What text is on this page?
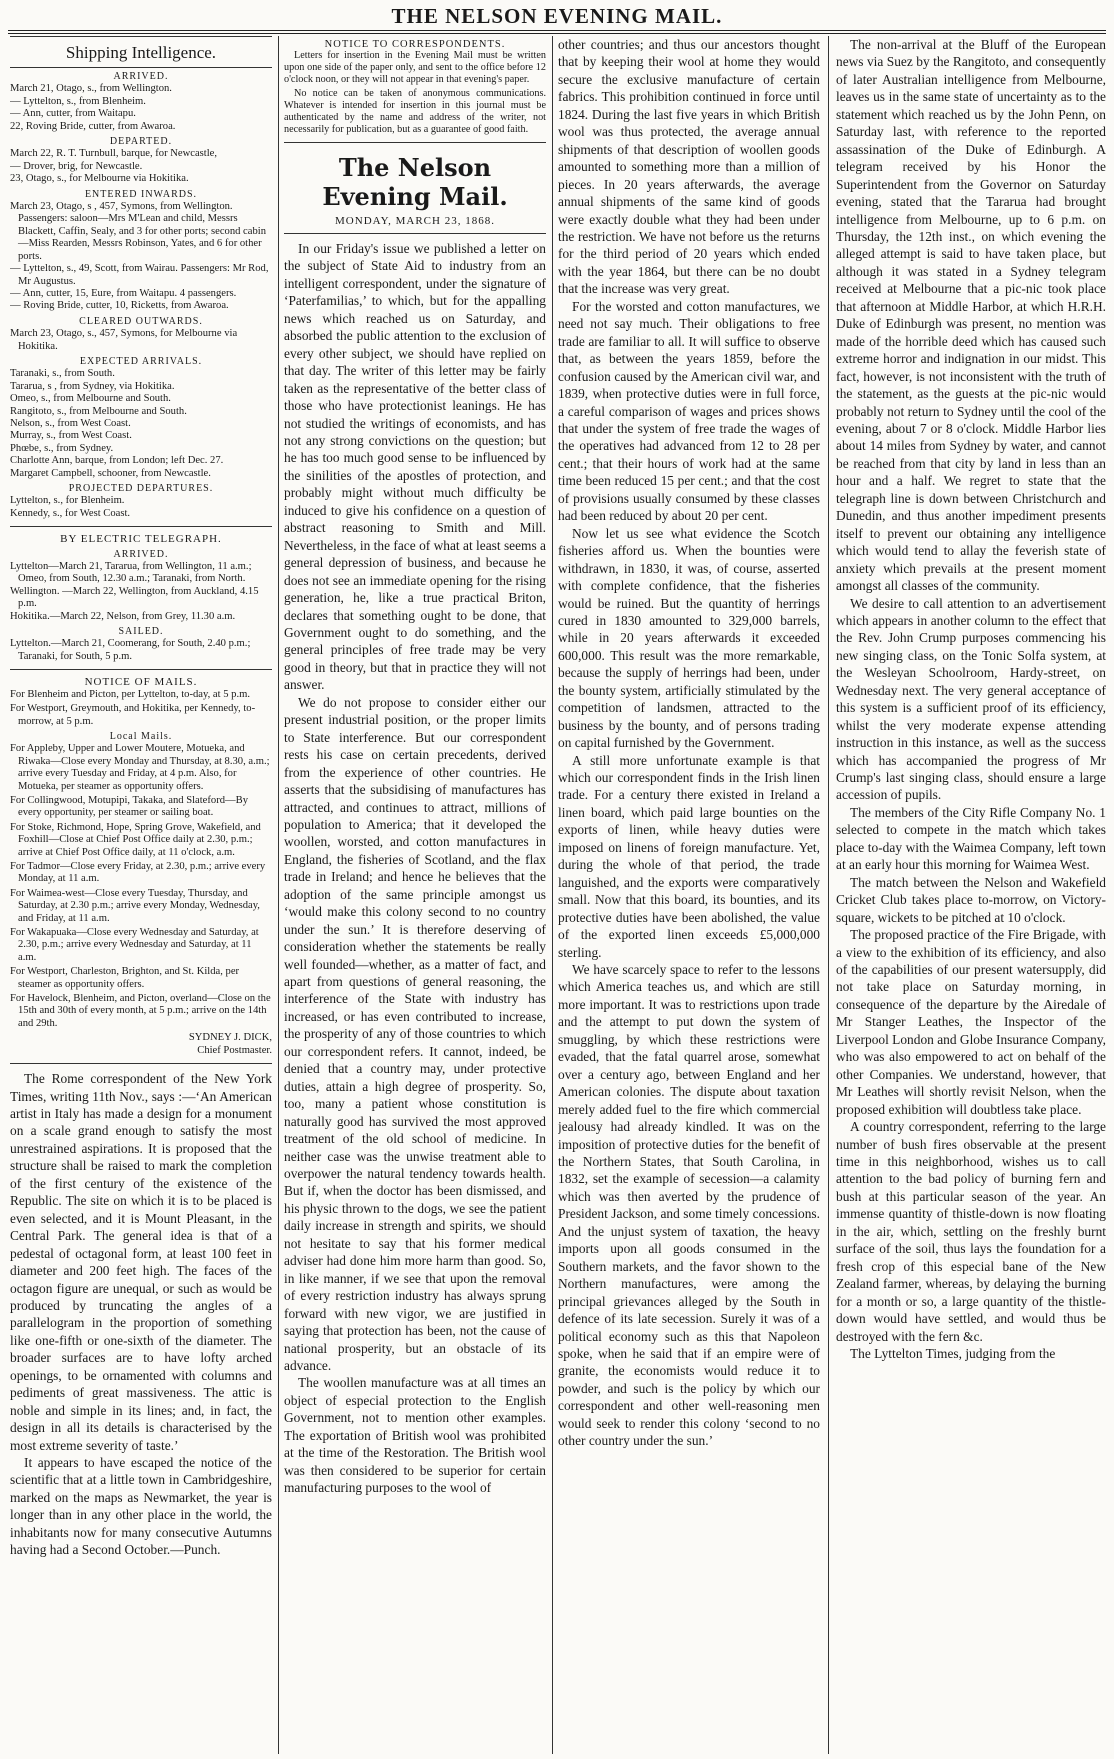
THE NELSON EVENING MAIL.
Shipping Intelligence.
ARRIVED.

March 21, Otago, s., from Wellington.

— Lyttelton, s., from Blenheim.

— Ann, cutter, from Waitapu.

22, Roving Bride, cutter, from Awaroa.

DEPARTED.

March 22, R. T. Turnbull, barque, for Newcastle,

— Drover, brig, for Newcastle.

23, Otago, s., for Melbourne via Hokitika.

ENTERED INWARDS.

March 23, Otago, s , 457, Symons, from Wellington. Passengers: saloon—Mrs M'Lean and child, Messrs Blackett, Caffin, Sealy, and 3 for other ports; second cabin—Miss Rearden, Messrs Robinson, Yates, and 6 for other ports.

— Lyttelton, s., 49, Scott, from Wairau. Passengers: Mr Rod, Mr Augustus.

— Ann, cutter, 15, Eure, from Waitapu. 4 passengers.

— Roving Bride, cutter, 10, Ricketts, from Awaroa.

CLEARED OUTWARDS.

March 23, Otago, s., 457, Symons, for Melbourne via Hokitika.

EXPECTED ARRIVALS.

Taranaki, s., from South.

Tararua, s , from Sydney, via Hokitika.

Omeo, s., from Melbourne and South.

Rangitoto, s., from Melbourne and South.

Nelson, s., from West Coast.

Murray, s., from West Coast.

Phœbe, s., from Sydney.

Charlotte Ann, barque, from London; left Dec. 27.

Margaret Campbell, schooner, from Newcastle.

PROJECTED DEPARTURES.

Lyttelton, s., for Blenheim.

Kennedy, s., for West Coast.

BY ELECTRIC TELEGRAPH.
ARRIVED.

Lyttelton—March 21, Tararua, from Wellington, 11 a.m.; Omeo, from South, 12.30 a.m.; Taranaki, from North.

Wellington. —March 22, Wellington, from Auckland, 4.15 p.m.

Hokitika.—March 22, Nelson, from Grey, 11.30 a.m.

SAILED.

Lyttelton.—March 21, Coomerang, for South, 2.40 p.m.; Taranaki, for South, 5 p.m.

NOTICE OF MAILS.

For Blenheim and Picton, per Lyttelton, to-day, at 5 p.m.

For Westport, Greymouth, and Hokitika, per Kennedy, to-morrow, at 5 p.m.

Local Mails.

For Appleby, Upper and Lower Moutere, Motueka, and Riwaka—Close every Monday and Thursday, at 8.30, a.m.; arrive every Tuesday and Friday, at 4 p.m. Also, for Motueka, per steamer as opportunity offers.

For Collingwood, Motupipi, Takaka, and Slateford—By every opportunity, per steamer or sailing boat.

For Stoke, Richmond, Hope, Spring Grove, Wakefield, and Foxhill—Close at Chief Post Office daily at 2.30, p.m.; arrive at Chief Post Office daily, at 11 o'clock, a.m.

For Tadmor—Close every Friday, at 2.30, p.m.; arrive every Monday, at 11 a.m.

For Waimea-west—Close every Tuesday, Thursday, and Saturday, at 2.30 p.m.; arrive every Monday, Wednesday, and Friday, at 11 a.m.

For Wakapuaka—Close every Wednesday and Saturday, at 2.30, p.m.; arrive every Wednesday and Saturday, at 11 a.m.

For Westport, Charleston, Brighton, and St. Kilda, per steamer as opportunity offers.

For Havelock, Blenheim, and Picton, overland—Close on the 15th and 30th of every month, at 5 p.m.; arrive on the 14th and 29th.

SYDNEY J. DICK,
Chief Postmaster.

The Rome correspondent of the New York Times, writing 11th Nov., says :—‘An American artist in Italy has made a design for a monument on a scale grand enough to satisfy the most unrestrained aspirations. It is proposed that the structure shall be raised to mark the completion of the first century of the existence of the Republic. The site on which it is to be placed is even selected, and it is Mount Pleasant, in the Central Park. The general idea is that of a pedestal of octagonal form, at least 100 feet in diameter and 200 feet high. The faces of the octagon figure are unequal, or such as would be produced by truncating the angles of a parallelogram in the proportion of something like one-fifth or one-sixth of the diameter. The broader surfaces are to have lofty arched openings, to be ornamented with columns and pediments of great massiveness. The attic is noble and simple in its lines; and, in fact, the design in all its details is characterised by the most extreme severity of taste.’

It appears to have escaped the notice of the scientific that at a little town in Cambridgeshire, marked on the maps as Newmarket, the year is longer than in any other place in the world, the inhabitants now for many consecutive Autumns having had a Second October.—Punch.

NOTICE TO CORRESPONDENTS.

Letters for insertion in the Evening Mail must be written upon one side of the paper only, and sent to the office before 12 o'clock noon, or they will not appear in that evening's paper.

No notice can be taken of anonymous communications. Whatever is intended for insertion in this journal must be authenticated by the name and address of the writer, not necessarily for publication, but as a guarantee of good faith.

The Nelson Evening Mail.
MONDAY, MARCH 23, 1868.

In our Friday's issue we published a letter on the subject of State Aid to industry from an intelligent correspondent, under the signature of ‘Paterfamilias,’ to which, but for the appalling news which reached us on Saturday, and absorbed the public attention to the exclusion of every other subject, we should have replied on that day. The writer of this letter may be fairly taken as the representative of the better class of those who have protectionist leanings. He has not studied the writings of economists, and has not any strong convictions on the question; but he has too much good sense to be influenced by the sinilities of the apostles of protection, and probably might without much difficulty be induced to give his confidence on a question of abstract reasoning to Smith and Mill. Nevertheless, in the face of what at least seems a general depression of business, and because he does not see an immediate opening for the rising generation, he, like a true practical Briton, declares that something ought to be done, that Government ought to do something, and the general principles of free trade may be very good in theory, but that in practice they will not answer.

We do not propose to consider either our present industrial position, or the proper limits to State interference. But our correspondent rests his case on certain precedents, derived from the experience of other countries. He asserts that the subsidising of manufactures has attracted, and continues to attract, millions of population to America; that it developed the woollen, worsted, and cotton manufactures in England, the fisheries of Scotland, and the flax trade in Ireland; and hence he believes that the adoption of the same principle amongst us ‘would make this colony second to no country under the sun.’ It is therefore deserving of consideration whether the statements be really well founded—whether, as a matter of fact, and apart from questions of general reasoning, the interference of the State with industry has increased, or has even contributed to increase, the prosperity of any of those countries to which our correspondent refers. It cannot, indeed, be denied that a country may, under protective duties, attain a high degree of prosperity. So, too, many a patient whose constitution is naturally good has survived the most approved treatment of the old school of medicine. In neither case was the unwise treatment able to overpower the natural tendency towards health. But if, when the doctor has been dismissed, and his physic thrown to the dogs, we see the patient daily increase in strength and spirits, we should not hesitate to say that his former medical adviser had done him more harm than good. So, in like manner, if we see that upon the removal of every restriction industry has always sprung forward with new vigor, we are justified in saying that protection has been, not the cause of national prosperity, but an obstacle of its advance.

The woollen manufacture was at all times an object of especial protection to the English Government, not to mention other examples. The exportation of British wool was prohibited at the time of the Restoration. The British wool was then considered to be superior for certain manufacturing purposes to the wool of

other countries; and thus our ancestors thought that by keeping their wool at home they would secure the exclusive manufacture of certain fabrics. This prohibition continued in force until 1824. During the last five years in which British wool was thus protected, the average annual shipments of that description of woollen goods amounted to something more than a million of pieces. In 20 years afterwards, the average annual shipments of the same kind of goods were exactly double what they had been under the restriction. We have not before us the returns for the third period of 20 years which ended with the year 1864, but there can be no doubt that the increase was very great.

For the worsted and cotton manufactures, we need not say much. Their obligations to free trade are familiar to all. It will suffice to observe that, as between the years 1859, before the confusion caused by the American civil war, and 1839, when protective duties were in full force, a careful comparison of wages and prices shows that under the system of free trade the wages of the operatives had advanced from 12 to 28 per cent.; that their hours of work had at the same time been reduced 15 per cent.; and that the cost of provisions usually consumed by these classes had been reduced by about 20 per cent.

Now let us see what evidence the Scotch fisheries afford us. When the bounties were withdrawn, in 1830, it was, of course, asserted with complete confidence, that the fisheries would be ruined. But the quantity of herrings cured in 1830 amounted to 329,000 barrels, while in 20 years afterwards it exceeded 600,000. This result was the more remarkable, because the supply of herrings had been, under the bounty system, artificially stimulated by the competition of landsmen, attracted to the business by the bounty, and of persons trading on capital furnished by the Government.

A still more unfortunate example is that which our correspondent finds in the Irish linen trade. For a century there existed in Ireland a linen board, which paid large bounties on the exports of linen, while heavy duties were imposed on linens of foreign manufacture. Yet, during the whole of that period, the trade languished, and the exports were comparatively small. Now that this board, its bounties, and its protective duties have been abolished, the value of the exported linen exceeds £5,000,000 sterling.

We have scarcely space to refer to the lessons which America teaches us, and which are still more important. It was to restrictions upon trade and the attempt to put down the system of smuggling, by which these restrictions were evaded, that the fatal quarrel arose, somewhat over a century ago, between England and her American colonies. The dispute about taxation merely added fuel to the fire which commercial jealousy had already kindled. It was on the imposition of protective duties for the benefit of the Northern States, that South Carolina, in 1832, set the example of secession—a calamity which was then averted by the prudence of President Jackson, and some timely concessions. And the unjust system of taxation, the heavy imports upon all goods consumed in the Southern markets, and the favor shown to the Northern manufactures, were among the principal grievances alleged by the South in defence of its late secession. Surely it was of a political economy such as this that Napoleon spoke, when he said that if an empire were of granite, the economists would reduce it to powder, and such is the policy by which our correspondent and other well-reasoning men would seek to render this colony ‘second to no other country under the sun.’

The non-arrival at the Bluff of the European news via Suez by the Rangitoto, and consequently of later Australian intelligence from Melbourne, leaves us in the same state of uncertainty as to the statement which reached us by the John Penn, on Saturday last, with reference to the reported assassination of the Duke of Edinburgh. A telegram received by his Honor the Superintendent from the Governor on Saturday evening, stated that the Tararua had brought intelligence from Melbourne, up to 6 p.m. on Thursday, the 12th inst., on which evening the alleged attempt is said to have taken place, but although it was stated in a Sydney telegram received at Melbourne that a pic-nic took place that afternoon at Middle Harbor, at which H.R.H. Duke of Edinburgh was present, no mention was made of the horrible deed which has caused such extreme horror and indignation in our midst. This fact, however, is not inconsistent with the truth of the statement, as the guests at the pic-nic would probably not return to Sydney until the cool of the evening, about 7 or 8 o'clock. Middle Harbor lies about 14 miles from Sydney by water, and cannot be reached from that city by land in less than an hour and a half. We regret to state that the telegraph line is down between Christchurch and Dunedin, and thus another impediment presents itself to prevent our obtaining any intelligence which would tend to allay the feverish state of anxiety which prevails at the present moment amongst all classes of the community.

We desire to call attention to an advertisement which appears in another column to the effect that the Rev. John Crump purposes commencing his new singing class, on the Tonic Solfa system, at the Wesleyan Schoolroom, Hardy-street, on Wednesday next. The very general acceptance of this system is a sufficient proof of its efficiency, whilst the very moderate expense attending instruction in this instance, as well as the success which has accompanied the progress of Mr Crump's last singing class, should ensure a large accession of pupils.

The members of the City Rifle Company No. 1 selected to compete in the match which takes place to-day with the Waimea Company, left town at an early hour this morning for Waimea West.

The match between the Nelson and Wakefield Cricket Club takes place to-morrow, on Victory-square, wickets to be pitched at 10 o'clock.

The proposed practice of the Fire Brigade, with a view to the exhibition of its efficiency, and also of the capabilities of our present watersupply, did not take place on Saturday morning, in consequence of the departure by the Airedale of Mr Stanger Leathes, the Inspector of the Liverpool London and Globe Insurance Company, who was also empowered to act on behalf of the other Companies. We understand, however, that Mr Leathes will shortly revisit Nelson, when the proposed exhibition will doubtless take place.

A country correspondent, referring to the large number of bush fires observable at the present time in this neighborhood, wishes us to call attention to the bad policy of burning fern and bush at this particular season of the year. An immense quantity of thistle-down is now floating in the air, which, settling on the freshly burnt surface of the soil, thus lays the foundation for a fresh crop of this especial bane of the New Zealand farmer, whereas, by delaying the burning for a month or so, a large quantity of the thistle-down would have settled, and would thus be destroyed with the fern &c.

The Lyttelton Times, judging from the
